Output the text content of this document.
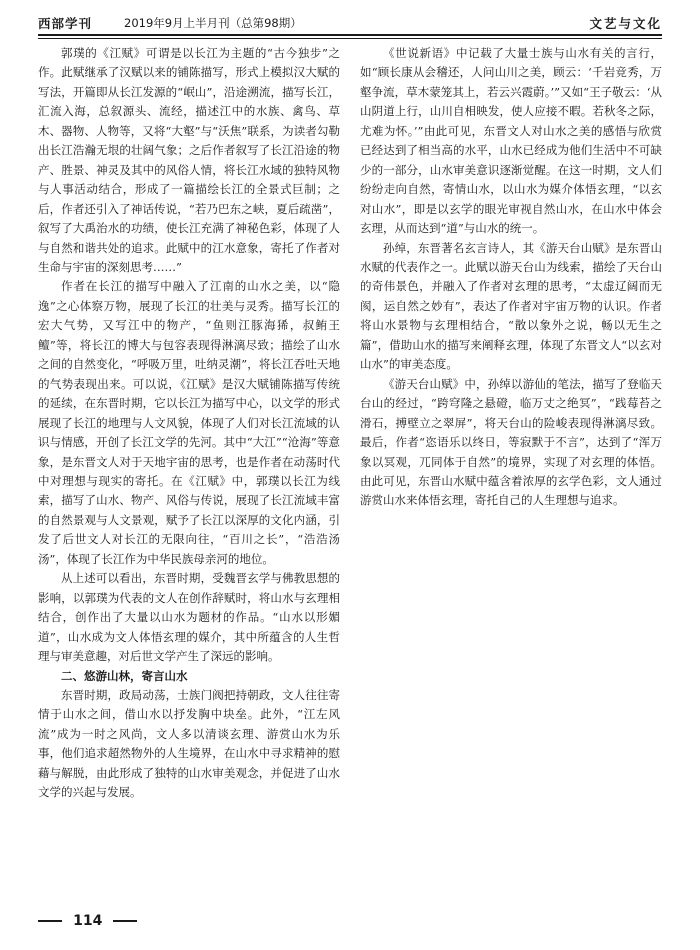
西部学刊	2019年9月上半月刊（总第98期）	文艺与文化

郭璞的《江赋》可谓是以长江为主题的“古今独步”之作。此赋继承了汉赋以来的铺陈描写，形式上模拟汉大赋的写法，开篇即从长江发源的“岷山”，沿途溯流，描写长江，汇流入海，总叙源头、流经，描述江中的水族、禽鸟、草木、器物、人物等，又将“大壑”与“沃焦”联系，为读者勾勒出长江浩瀚无垠的壮阔气象；之后作者叙写了长江沿途的物产、胜景、神灵及其中的风俗人情，将长江水域的独特风物与人事活动结合，形成了一篇描绘长江的全景式巨制；之后，作者还引入了神话传说，“若乃巴东之峡，夏后疏凿”，叙写了大禹治水的功绩，使长江充满了神秘色彩，体现了人与自然和谐共处的追求。此赋中的江水意象，寄托了作者对生命与宇宙的深刻思考……”

作者在长江的描写中融入了江南的山水之美，以“隐逸”之心体察万物，展现了长江的壮美与灵秀。描写长江的宏大气势，又写江中的物产，“鱼则江豚海狶，叔鲔王鳣”等，将长江的博大与包容表现得淋漓尽致；描绘了山水之间的自然变化，“呼吸万里，吐纳灵潮”，将长江吞吐天地的气势表现出来。可以说，《江赋》是汉大赋铺陈描写传统的延续，在东晋时期，它以长江为描写中心，以文学的形式展现了长江的地理与人文风貌，体现了人们对长江流域的认识与情感，开创了长江文学的先河。其中“大江”“沧海”等意象，是东晋文人对于天地宇宙的思考，也是作者在动荡时代中对理想与现实的寄托。在《江赋》中，郭璞以长江为线索，描写了山水、物产、风俗与传说，展现了长江流域丰富的自然景观与人文景观，赋予了长江以深厚的文化内涵，引发了后世文人对长江的无限向往，“百川之长”，“浩浩汤汤”，体现了长江作为中华民族母亲河的地位。

从上述可以看出，东晋时期，受魏晋玄学与佛教思想的影响，以郭璞为代表的文人在创作辞赋时，将山水与玄理相结合，创作出了大量以山水为题材的作品。“山水以形媚道”，山水成为文人体悟玄理的媒介，其中所蕴含的人生哲理与审美意趣，对后世文学产生了深远的影响。

二、悠游山林，寄言山水

东晋时期，政局动荡，士族门阀把持朝政，文人往往寄情于山水之间，借山水以抒发胸中块垒。此外，“江左风流”成为一时之风尚，文人多以清谈玄理、游赏山水为乐事，他们追求超然物外的人生境界，在山水中寻求精神的慰藉与解脱，由此形成了独特的山水审美观念，并促进了山水文学的兴起与发展。

《世说新语》中记载了大量士族与山水有关的言行，如“顾长康从会稽还，人问山川之美，顾云：‘千岩竞秀，万壑争流，草木蒙笼其上，若云兴霞蔚。’”又如“王子敬云：‘从山阴道上行，山川自相映发，使人应接不暇。若秋冬之际，尤难为怀。’”由此可见，东晋文人对山水之美的感悟与欣赏已经达到了相当高的水平，山水已经成为他们生活中不可缺少的一部分，山水审美意识逐渐觉醒。在这一时期，文人们纷纷走向自然，寄情山水，以山水为媒介体悟玄理，“以玄对山水”，即是以玄学的眼光审视自然山水，在山水中体会玄理，从而达到“道”与山水的统一。

孙绰，东晋著名玄言诗人，其《游天台山赋》是东晋山水赋的代表作之一。此赋以游天台山为线索，描绘了天台山的奇伟景色，并融入了作者对玄理的思考，“太虚辽阔而无阂，运自然之妙有”，表达了作者对宇宙万物的认识。作者将山水景物与玄理相结合，“散以象外之说，畅以无生之篇”，借助山水的描写来阐释玄理，体现了东晋文人“以玄对山水”的审美态度。

《游天台山赋》中，孙绰以游仙的笔法，描写了登临天台山的经过，“跨穹隆之悬磴，临万丈之绝冥”，“践莓苔之滑石，搏壁立之翠屏”，将天台山的险峻表现得淋漓尽致。最后，作者“恣语乐以终日，等寂默于不言”，达到了“浑万象以冥观，兀同体于自然”的境界，实现了对玄理的体悟。由此可见，东晋山水赋中蕴含着浓厚的玄学色彩，文人通过游赏山水来体悟玄理，寄托自己的人生理想与追求。

114
